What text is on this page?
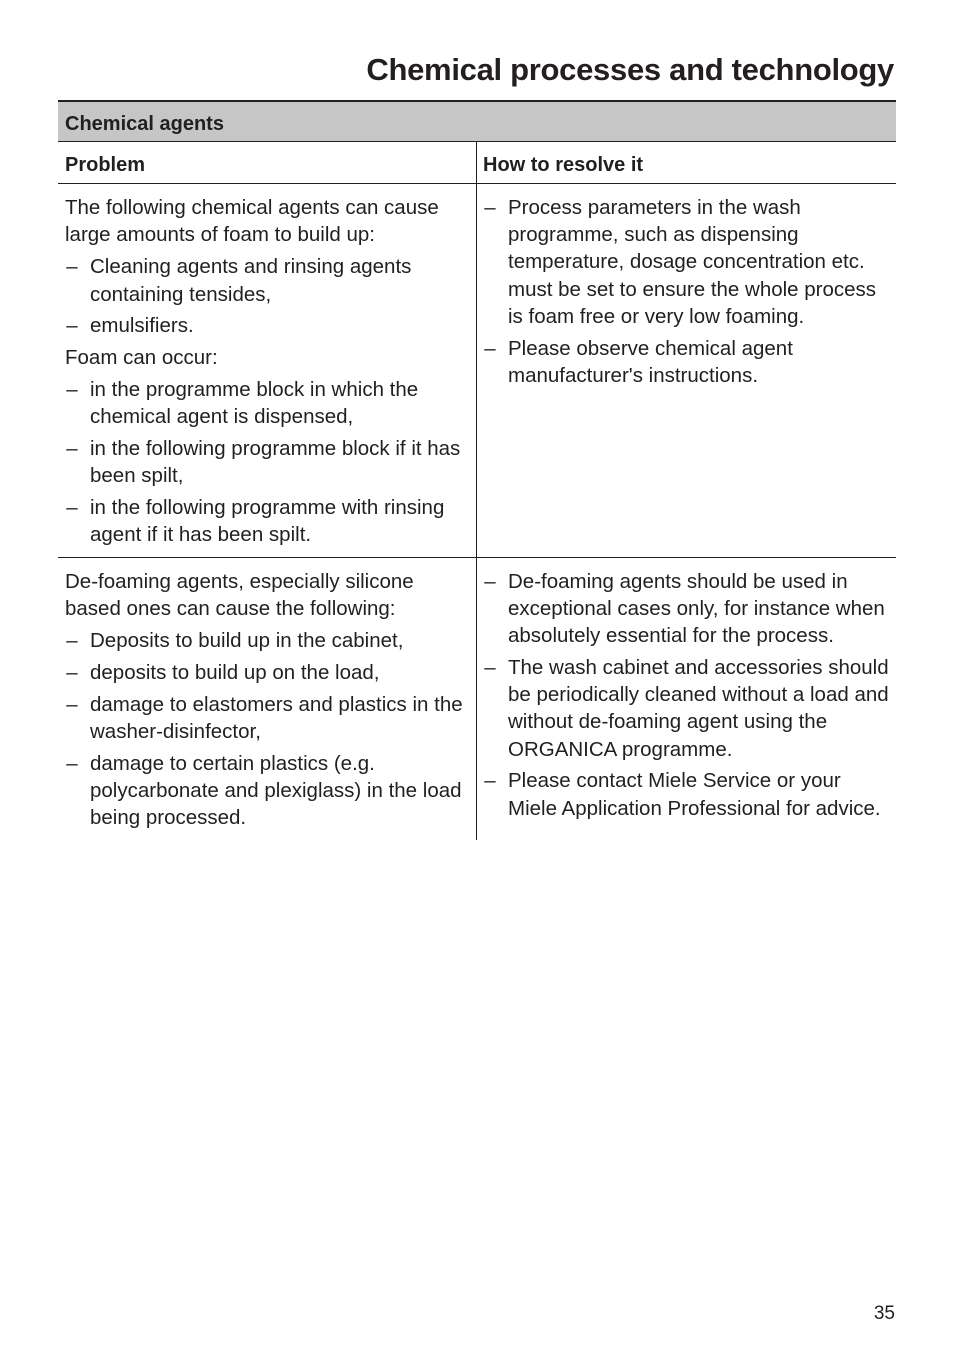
Chemical processes and technology
Chemical agents
Problem	How to resolve it

The following chemical agents can cause large amounts of foam to build up:

– Cleaning agents and rinsing agents containing tensides,
– emulsifiers.

Foam can occur:

– in the programme block in which the chemical agent is dispensed,
– in the following programme block if it has been spilt,
– in the following programme with rinsing agent if it has been spilt.
– Process parameters in the wash programme, such as dispensing temperature, dosage concentration etc. must be set to ensure the whole process is foam free or very low foaming.
– Please observe chemical agent manufacturer's instructions.

De-foaming agents, especially silicone based ones can cause the following:

– Deposits to build up in the cabinet,
– deposits to build up on the load,
– damage to elastomers and plastics in the washer-disinfector,
– damage to certain plastics (e.g. polycarbonate and plexiglass) in the load being processed.
– De-foaming agents should be used in exceptional cases only, for instance when absolutely essential for the process.
– The wash cabinet and accessories should be periodically cleaned without a load and without de-foaming agent using the ORGANICA programme.
– Please contact Miele Service or your Miele Application Professional for advice.
35
